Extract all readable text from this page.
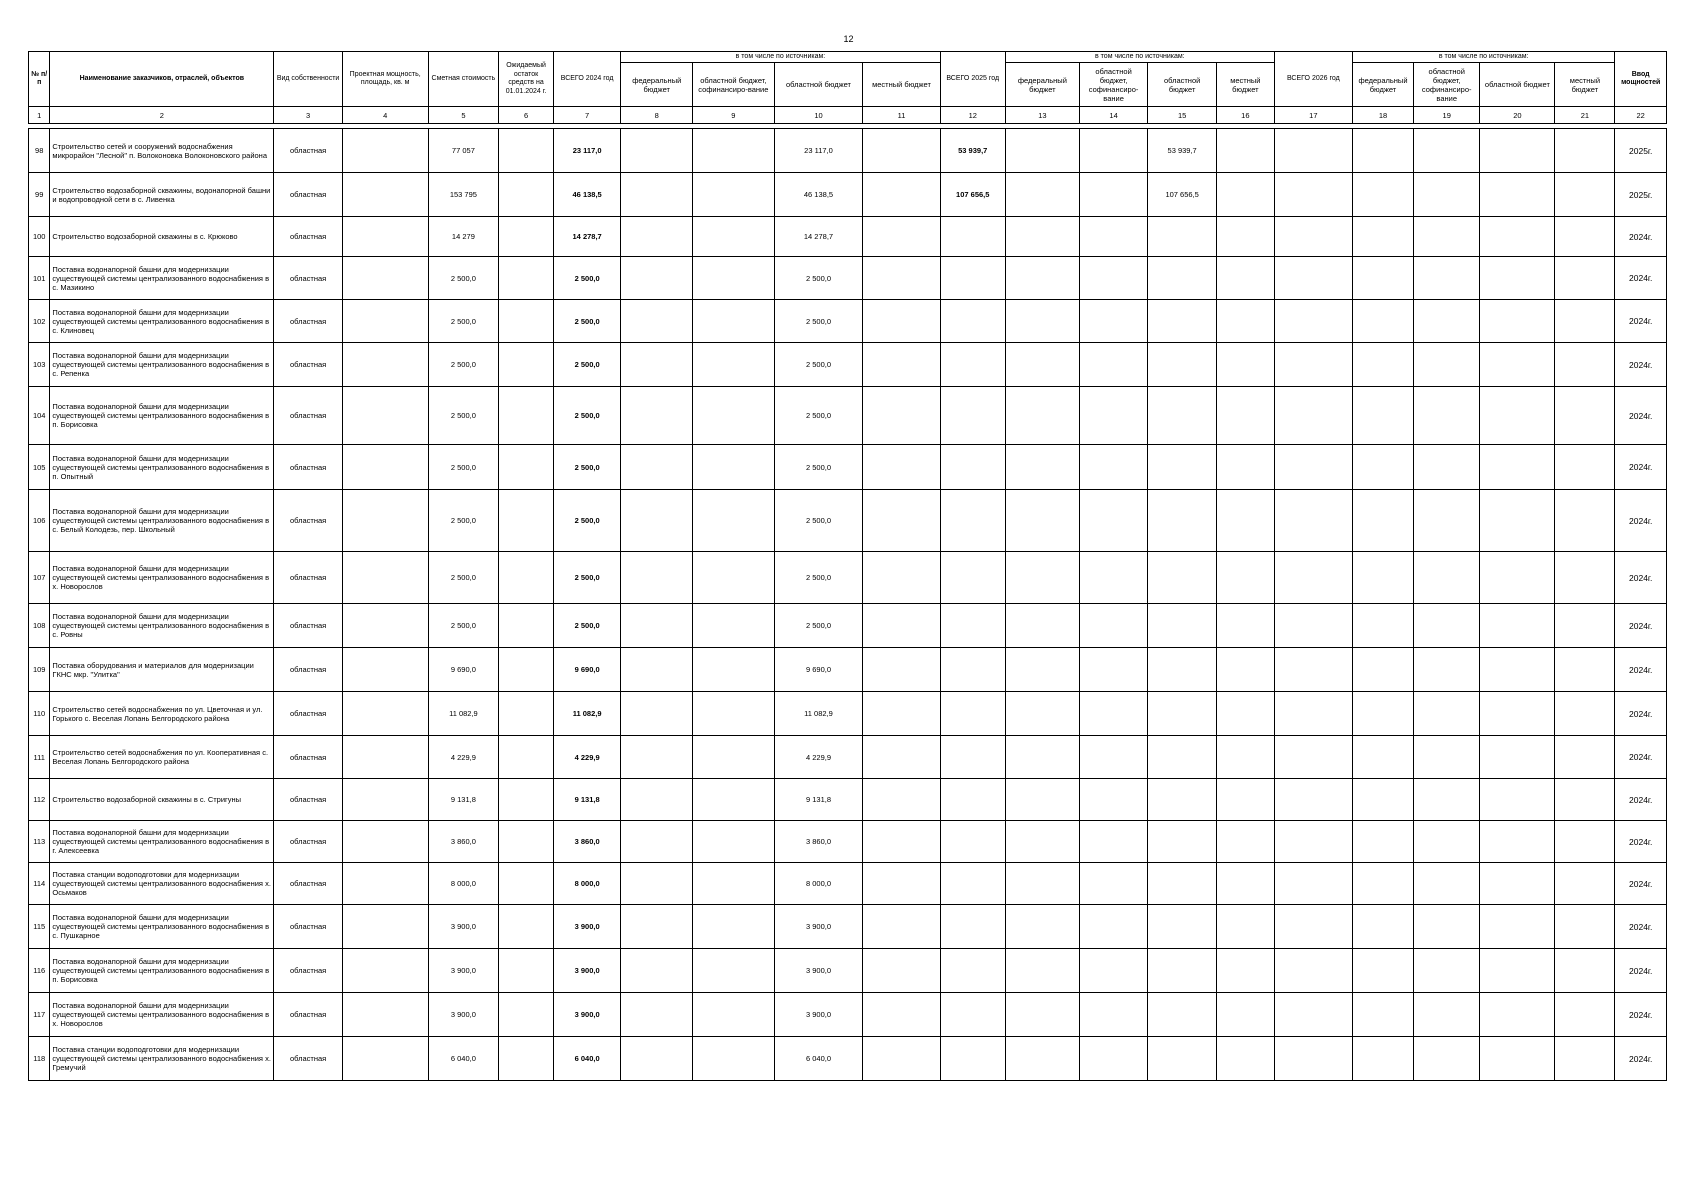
12
№ п/п	Наименование заказчиков, отраслей, объектов	Вид собственности	Проектная мощность, площадь, кв. м	Сметная стоимость	Ожидаемый остаток средств на 01.01.2024 г.	ВСЕГО 2024 год	в том числе по источникам:				ВСЕГО 2025 год	в том числе по источникам:				ВСЕГО 2026 год	в том числе по источникам:				Ввод мощностей
							федеральный бюджет	областной бюджет, софинансиро-вание	областной бюджет	местный бюджет		федеральный бюджет	областной бюджет, софинансиро-вание	областной бюджет	местный бюджет		федеральный бюджет	областной бюджет, софинансиро-вание	областной бюджет	местный бюджет	
1	2	3	4	5	6	7	8	9	10	11	12	13	14	15	16	17	18	19	20	21	22

98	Строительство сетей и сооружений водоснабжения микрорайон "Лесной" п. Волоконовка Волоконовского района	областная		77 057		23 117,0			23 117,0		53 939,7			53 939,7							2025г.
99	Строительство водозаборной скважины, водонапорной башни и водопроводной сети в с. Ливенка	областная		153 795		46 138,5			46 138,5		107 656,5			107 656,5							2025г.
100	Строительство водозаборной скважины в с. Крюково	областная		14 279		14 278,7			14 278,7												2024г.
101	Поставка водонапорной башни для модернизации существующей системы централизованного водоснабжения в с. Мазикино	областная		2 500,0		2 500,0			2 500,0												2024г.
102	Поставка водонапорной башни для модернизации существующей системы централизованного водоснабжения в с. Клиновец	областная		2 500,0		2 500,0			2 500,0												2024г.
103	Поставка водонапорной башни для модернизации существующей системы централизованного водоснабжения в с. Репенка	областная		2 500,0		2 500,0			2 500,0												2024г.
104	Поставка водонапорной башни для модернизации существующей системы централизованного водоснабжения в п. Борисовка	областная		2 500,0		2 500,0			2 500,0												2024г.
105	Поставка водонапорной башни для модернизации существующей системы централизованного водоснабжения в п. Опытный	областная		2 500,0		2 500,0			2 500,0												2024г.
106	Поставка водонапорной башни для модернизации существующей системы централизованного водоснабжения в с. Белый Колодезь, пер. Школьный	областная		2 500,0		2 500,0			2 500,0												2024г.
107	Поставка водонапорной башни для модернизации существующей системы централизованного водоснабжения в х. Новорослов	областная		2 500,0		2 500,0			2 500,0												2024г.
108	Поставка водонапорной башни для модернизации существующей системы централизованного водоснабжения в с. Ровны	областная		2 500,0		2 500,0			2 500,0												2024г.
109	Поставка оборудования и материалов для модернизации ГКНС мкр. "Улитка"	областная		9 690,0		9 690,0			9 690,0												2024г.
110	Строительство сетей водоснабжения по ул. Цветочная и ул. Горького с. Веселая Лопань Белгородского района	областная		11 082,9		11 082,9			11 082,9												2024г.
111	Строительство сетей водоснабжения по ул. Кооперативная с. Веселая Лопань Белгородского района	областная		4 229,9		4 229,9			4 229,9												2024г.
112	Строительство водозаборной скважины в с. Стригуны	областная		9 131,8		9 131,8			9 131,8												2024г.
113	Поставка водонапорной башни для модернизации существующей системы централизованного водоснабжения в г. Алексеевка	областная		3 860,0		3 860,0			3 860,0												2024г.
114	Поставка станции водоподготовки для модернизации существующей системы централизованного водоснабжения х. Осьмаков	областная		8 000,0		8 000,0			8 000,0												2024г.
115	Поставка водонапорной башни для модернизации существующей системы централизованного водоснабжения в с. Пушкарное	областная		3 900,0		3 900,0			3 900,0												2024г.
116	Поставка водонапорной башни для модернизации существующей системы централизованного водоснабжения в п. Борисовка	областная		3 900,0		3 900,0			3 900,0												2024г.
117	Поставка водонапорной башни для модернизации существующей системы централизованного водоснабжения в х. Новорослов	областная		3 900,0		3 900,0			3 900,0												2024г.
118	Поставка станции водоподготовки для модернизации существующей системы централизованного водоснабжения х. Гремучий	областная		6 040,0		6 040,0			6 040,0												2024г.
